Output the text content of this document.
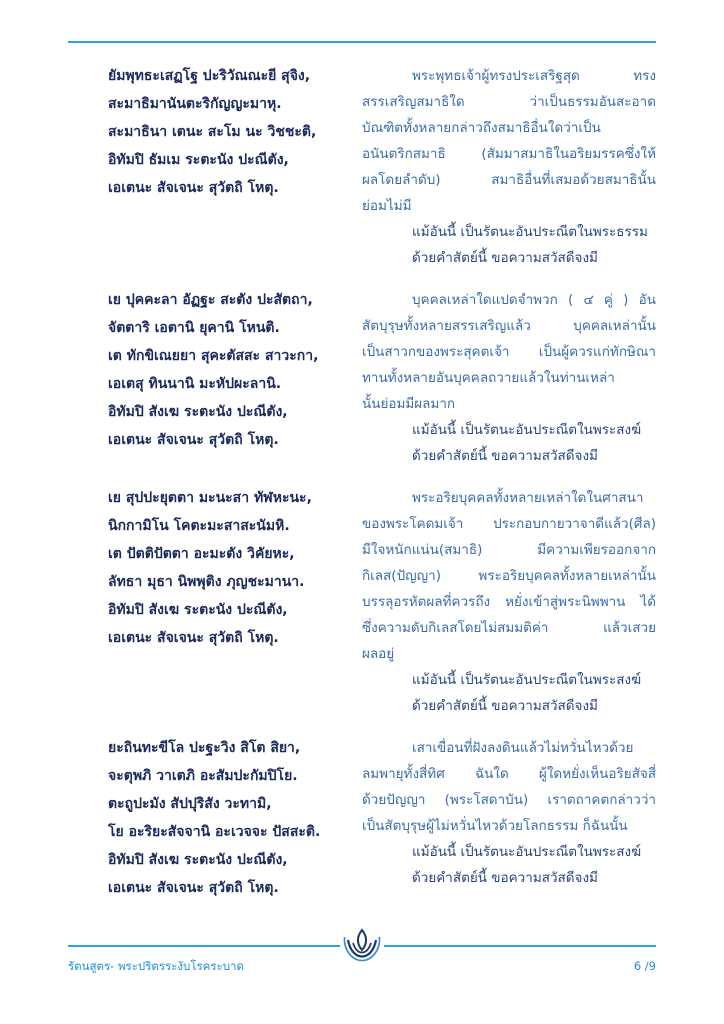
ยัมพุทธะเสฏโฐ ปะริวัณณะยี สุจิง,
สะมาธิมานันตะริกัญญะมาหุ.
สะมาธินา เตนะ สะโม นะ วิชชะติ,
อิทัมปิ ธัมเม ระตะนัง ปะณีตัง,
เอเตนะ สัจเจนะ สุวัตถิ โหตุ.
พระพุทธเจ้าผู้ทรงประเสริฐสุด ทรง
สรรเสริญสมาธิใด ว่าเป็นธรรมอันสะอาด
บัณฑิตทั้งหลายกล่าวถึงสมาธิอื่นใดว่าเป็น
อนันตริกสมาธิ (สัมมาสมาธิในอริยมรรคซึ่งให้
ผลโดยลำดับ) สมาธิอื่นที่เสมอด้วยสมาธินั้น
ย่อมไม่มี
แม้อันนี้ เป็นรัตนะอันประณีตในพระธรรม
ด้วยคำสัตย์นี้ ขอความสวัสดีจงมี
เย ปุคคะลา อัฏฐะ สะตัง ปะสัตถา,
จัตตาริ เอตานิ ยุคานิ โหนติ.
เต ทักขิเณยยา สุคะตัสสะ สาวะกา,
เอเตสุ ทินนานิ มะหัปผะลานิ.
อิทัมปิ สังเฆ ระตะนัง ปะณีตัง,
เอเตนะ สัจเจนะ สุวัตถิ โหตุ.
บุคคลเหล่าใดแปดจำพวก ( ๔ คู่ ) อัน
สัตบุรุษทั้งหลายสรรเสริญแล้ว บุคคลเหล่านั้น
เป็นสาวกของพระสุคตเจ้า เป็นผู้ควรแก่ทักษิณา
ทานทั้งหลายอันบุคคลถวายแล้วในท่านเหล่า
นั้นย่อมมีผลมาก
แม้อันนี้ เป็นรัตนะอันประณีตในพระสงฆ์
ด้วยคำสัตย์นี้ ขอความสวัสดีจงมี
เย สุปปะยุตตา มะนะสา ทัฬหะนะ,
นิกกามิโน โคตะมะสาสะนัมหิ.
เต ปัตติปัตตา อะมะตัง วิคัยหะ,
ลัทธา มุธา นิพพุติง ภุญชะมานา.
อิทัมปิ สังเฆ ระตะนัง ปะณีตัง,
เอเตนะ สัจเจนะ สุวัตถิ โหตุ.
พระอริยบุคคลทั้งหลายเหล่าใดในศาสนา
ของพระโคดมเจ้า ประกอบกายวาจาดีแล้ว(ศีล)
มีใจหนักแน่น(สมาธิ) มีความเพียรออกจาก
กิเลส(ปัญญา) พระอริยบุคคลทั้งหลายเหล่านั้น
บรรลุอรหัตผลที่ควรถึง หยั่งเข้าสู่พระนิพพาน ได้
ซึ่งความดับกิเลสโดยไม่สมมติค่า แล้วเสวย
ผลอยู่
แม้อันนี้ เป็นรัตนะอันประณีตในพระสงฆ์
ด้วยคำสัตย์นี้ ขอความสวัสดีจงมี
ยะถินทะขีโล ปะฐะวิง สิโต สิยา,
จะตุพภิ วาเตภิ อะสัมปะกัมปิโย.
ตะถูปะมัง สัปปุริสัง วะทามิ,
โย อะริยะสัจจานิ อะเวจจะ ปัสสะติ.
อิทัมปิ สังเฆ ระตะนัง ปะณีตัง,
เอเตนะ สัจเจนะ สุวัตถิ โหตุ.
เสาเขื่อนที่ฝังลงดินแล้วไม่หวั่นไหวด้วย
ลมพายุทั้งสี่ทิศ ฉันใด ผู้ใดหยั่งเห็นอริยสัจสี่
ด้วยปัญญา (พระโสดาบัน) เราตถาคตกล่าวว่า
เป็นสัตบุรุษผู้ไม่หวั่นไหวด้วยโลกธรรม ก็ฉันนั้น
แม้อันนี้ เป็นรัตนะอันประณีตในพระสงฆ์
ด้วยคำสัตย์นี้ ขอความสวัสดีจงมี
รัตนสูตร- พระปริตรระงับโรคระบาด	6 /9
